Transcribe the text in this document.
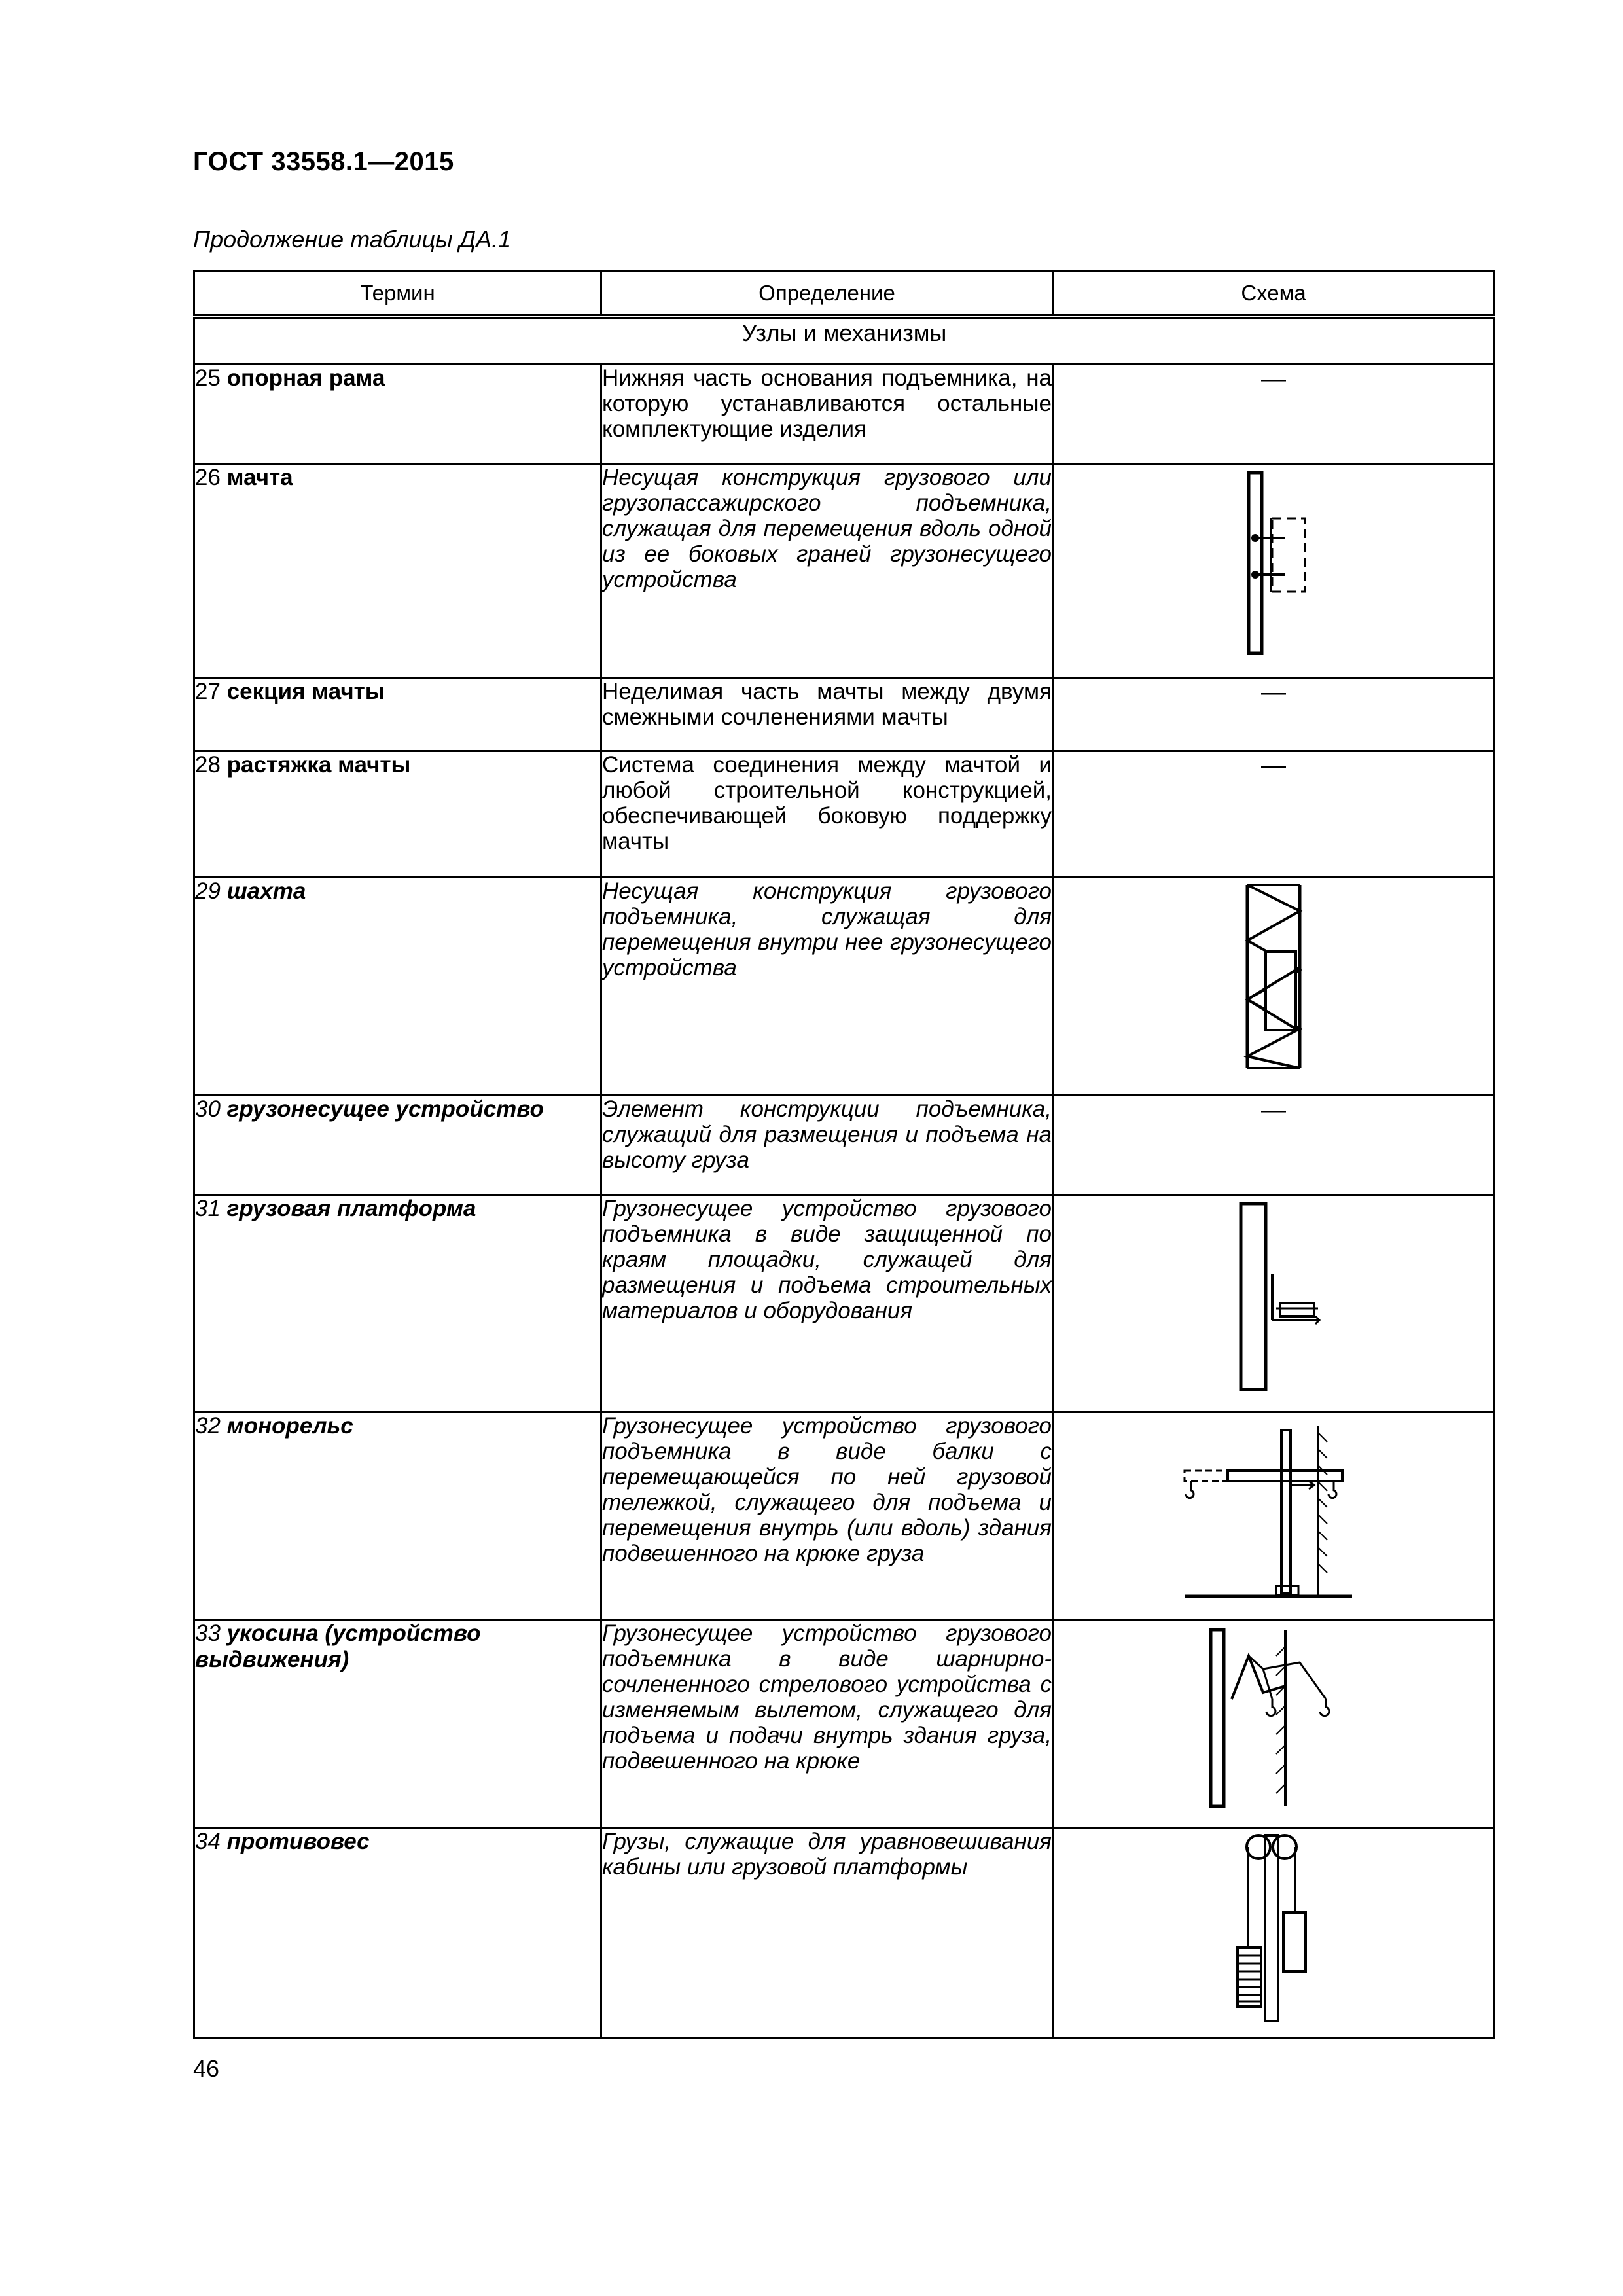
ГОСТ 33558.1—2015
Продолжение таблицы ДА.1
Термин	Определение	Схема
Узлы и механизмы		
25 опорная рама	Нижняя часть основания подъемника, на которую устанавливаются остальные комплектующие изделия	—
26 мачта	Несущая конструкция грузового или грузопассажирского подъемника, служащая для перемещения вдоль одной из ее боковых граней грузонесущего устройства	

27 секция мачты	Неделимая часть мачты между двумя смежными сочленениями мачты	—
28 растяжка мачты	Система соединения между мачтой и любой строительной конструкцией, обеспечивающей боковую поддержку мачты	—
29 шахта	Несущая конструкция грузового подъемника, служащая для перемещения внутри нее грузонесущего устройства	

30 грузонесущее устройство	Элемент конструкции подъемника, служащий для размещения и подъема на высоту груза	—
31 грузовая платформа	Грузонесущее устройство грузового подъемника в виде защищенной по краям площадки, служащей для размещения и подъема строительных материалов и оборудования	

32 монорельс	Грузонесущее устройство грузового подъемника в виде балки с перемещающейся по ней грузовой тележкой, служащего для подъема и перемещения внутрь (или вдоль) здания подвешенного на крюке груза	

33 укосина (устройство выдвижения)	Грузонесущее устройство грузового подъемника в виде шарнирно-сочлененного стрелового устройства с изменяемым вылетом, служащего для подъема и подачи внутрь здания груза, подвешенного на крюке	

34 противовес	Грузы, служащие для уравновешивания кабины или грузовой платформы	
46
